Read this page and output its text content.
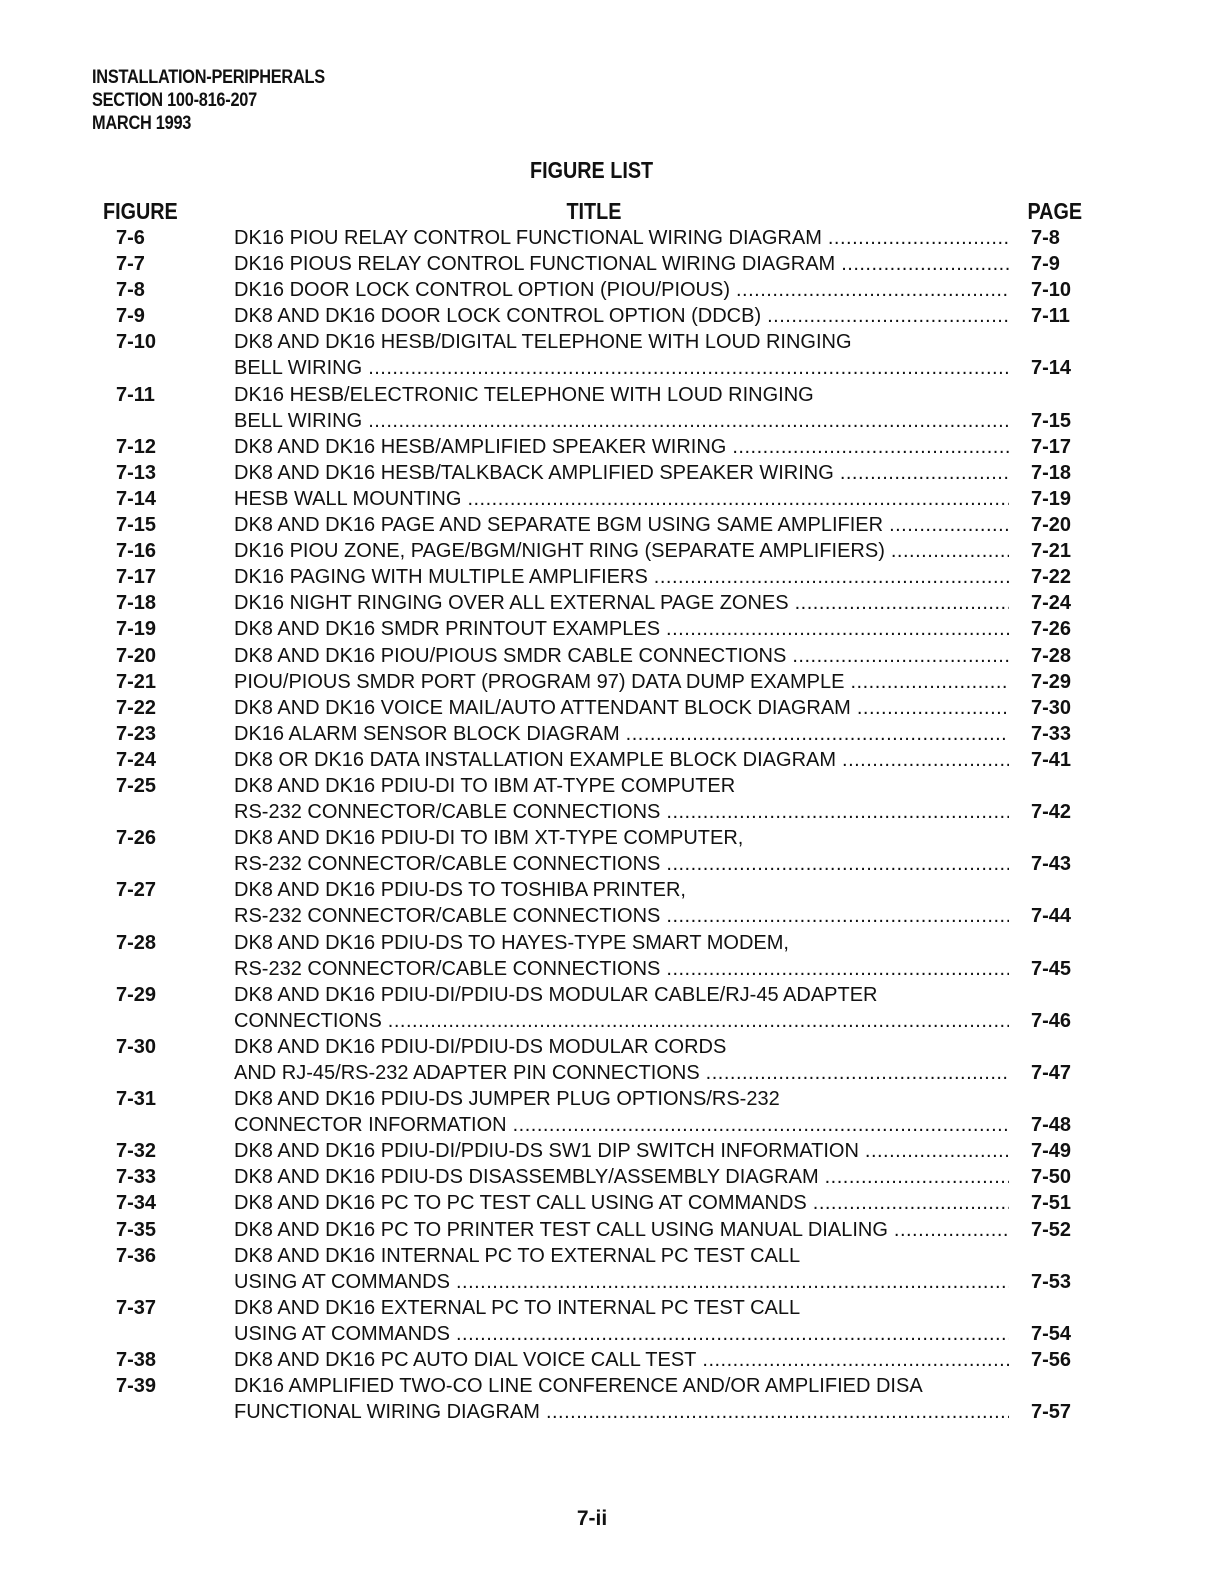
INSTALLATION-PERIPHERALS
SECTION 100-816-207
MARCH 1993
FIGURE LIST
FIGURE	TITLE	PAGE
7-6	DK16 PIOU RELAY CONTROL FUNCTIONAL WIRING DIAGRAM .....	7-8
7-7	DK16 PIOUS RELAY CONTROL FUNCTIONAL WIRING DIAGRAM .....	7-9
7-8	DK16 DOOR LOCK CONTROL OPTION (PIOU/PIOUS) .....	7-10
7-9	DK8 AND DK16 DOOR LOCK CONTROL OPTION (DDCB) .....	7-11
7-10	DK8 AND DK16 HESB/DIGITAL TELEPHONE WITH LOUD RINGING
BELL WIRING .....	7-14
7-11	DK16 HESB/ELECTRONIC TELEPHONE WITH LOUD RINGING
BELL WIRING .....	7-15
7-12	DK8 AND DK16 HESB/AMPLIFIED SPEAKER WIRING .....	7-17
7-13	DK8 AND DK16 HESB/TALKBACK AMPLIFIED SPEAKER WIRING .....	7-18
7-14	HESB WALL MOUNTING .....	7-19
7-15	DK8 AND DK16 PAGE AND SEPARATE BGM USING SAME AMPLIFIER .....	7-20
7-16	DK16 PIOU ZONE, PAGE/BGM/NIGHT RING (SEPARATE AMPLIFIERS) .....	7-21
7-17	DK16 PAGING WITH MULTIPLE AMPLIFIERS .....	7-22
7-18	DK16 NIGHT RINGING OVER ALL EXTERNAL PAGE ZONES .....	7-24
7-19	DK8 AND DK16 SMDR PRINTOUT EXAMPLES .....	7-26
7-20	DK8 AND DK16 PIOU/PIOUS SMDR CABLE CONNECTIONS .....	7-28
7-21	PIOU/PIOUS SMDR PORT (PROGRAM 97) DATA DUMP EXAMPLE .....	7-29
7-22	DK8 AND DK16 VOICE MAIL/AUTO ATTENDANT BLOCK DIAGRAM .....	7-30
7-23	DK16 ALARM SENSOR BLOCK DIAGRAM .....	7-33
7-24	DK8 OR DK16 DATA INSTALLATION EXAMPLE BLOCK DIAGRAM .....	7-41
7-25	DK8 AND DK16 PDIU-DI TO IBM AT-TYPE COMPUTER
RS-232 CONNECTOR/CABLE CONNECTIONS .....	7-42
7-26	DK8 AND DK16 PDIU-DI TO IBM XT-TYPE COMPUTER,
RS-232 CONNECTOR/CABLE CONNECTIONS .....	7-43
7-27	DK8 AND DK16 PDIU-DS TO TOSHIBA PRINTER,
RS-232 CONNECTOR/CABLE CONNECTIONS .....	7-44
7-28	DK8 AND DK16 PDIU-DS TO HAYES-TYPE SMART MODEM,
RS-232 CONNECTOR/CABLE CONNECTIONS .....	7-45
7-29	DK8 AND DK16 PDIU-DI/PDIU-DS MODULAR CABLE/RJ-45 ADAPTER
CONNECTIONS .....	7-46
7-30	DK8 AND DK16 PDIU-DI/PDIU-DS MODULAR CORDS
AND RJ-45/RS-232 ADAPTER PIN CONNECTIONS .....	7-47
7-31	DK8 AND DK16 PDIU-DS JUMPER PLUG OPTIONS/RS-232
CONNECTOR INFORMATION .....	7-48
7-32	DK8 AND DK16 PDIU-DI/PDIU-DS SW1 DIP SWITCH INFORMATION .....	7-49
7-33	DK8 AND DK16 PDIU-DS DISASSEMBLY/ASSEMBLY DIAGRAM .....	7-50
7-34	DK8 AND DK16 PC TO PC TEST CALL USING AT COMMANDS .....	7-51
7-35	DK8 AND DK16 PC TO PRINTER TEST CALL USING MANUAL DIALING .....	7-52
7-36	DK8 AND DK16 INTERNAL PC TO EXTERNAL PC TEST CALL
USING AT COMMANDS .....	7-53
7-37	DK8 AND DK16 EXTERNAL PC TO INTERNAL PC TEST CALL
USING AT COMMANDS .....	7-54
7-38	DK8 AND DK16 PC AUTO DIAL VOICE CALL TEST .....	7-56
7-39	DK16 AMPLIFIED TWO-CO LINE CONFERENCE AND/OR AMPLIFIED DISA
FUNCTIONAL WIRING DIAGRAM .....	7-57
7-ii
